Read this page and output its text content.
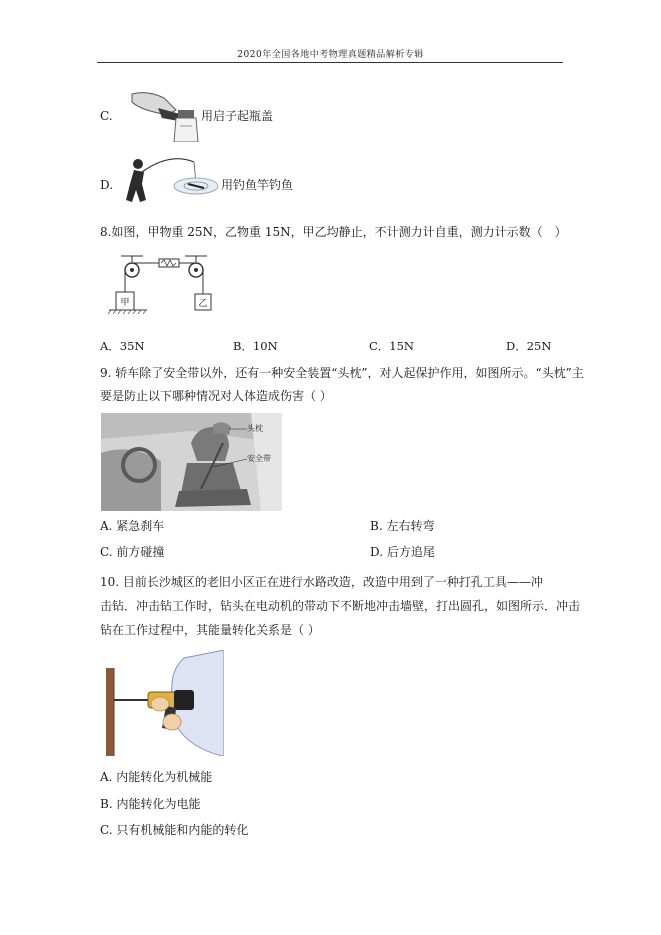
2020年全国各地中考物理真题精品解析专辑
C.	用启子起瓶盖
D.	用钓鱼竿钓鱼
8.如图，甲物重 25N，乙物重 15N，甲乙均静止，不计测力计自重，测力计示数（　）
甲	乙
A．35N	B．10N	C．15N	D．25N
9. 轿车除了安全带以外，还有一种安全装置“头枕”，对人起保护作用，如图所示。“头枕”主
要是防止以下哪种情况对人体造成伤害（ ）
头枕
安全带
A. 紧急刹车	B. 左右转弯
C. 前方碰撞	D. 后方追尾
10. 目前长沙城区的老旧小区正在进行水路改造，改造中用到了一种打孔工具——冲
击钻．冲击钻工作时，钻头在电动机的带动下不断地冲击墙壁，打出圆孔，如图所示．冲击
钻在工作过程中，其能量转化关系是（ ）
A. 内能转化为机械能
B. 内能转化为电能
C. 只有机械能和内能的转化
